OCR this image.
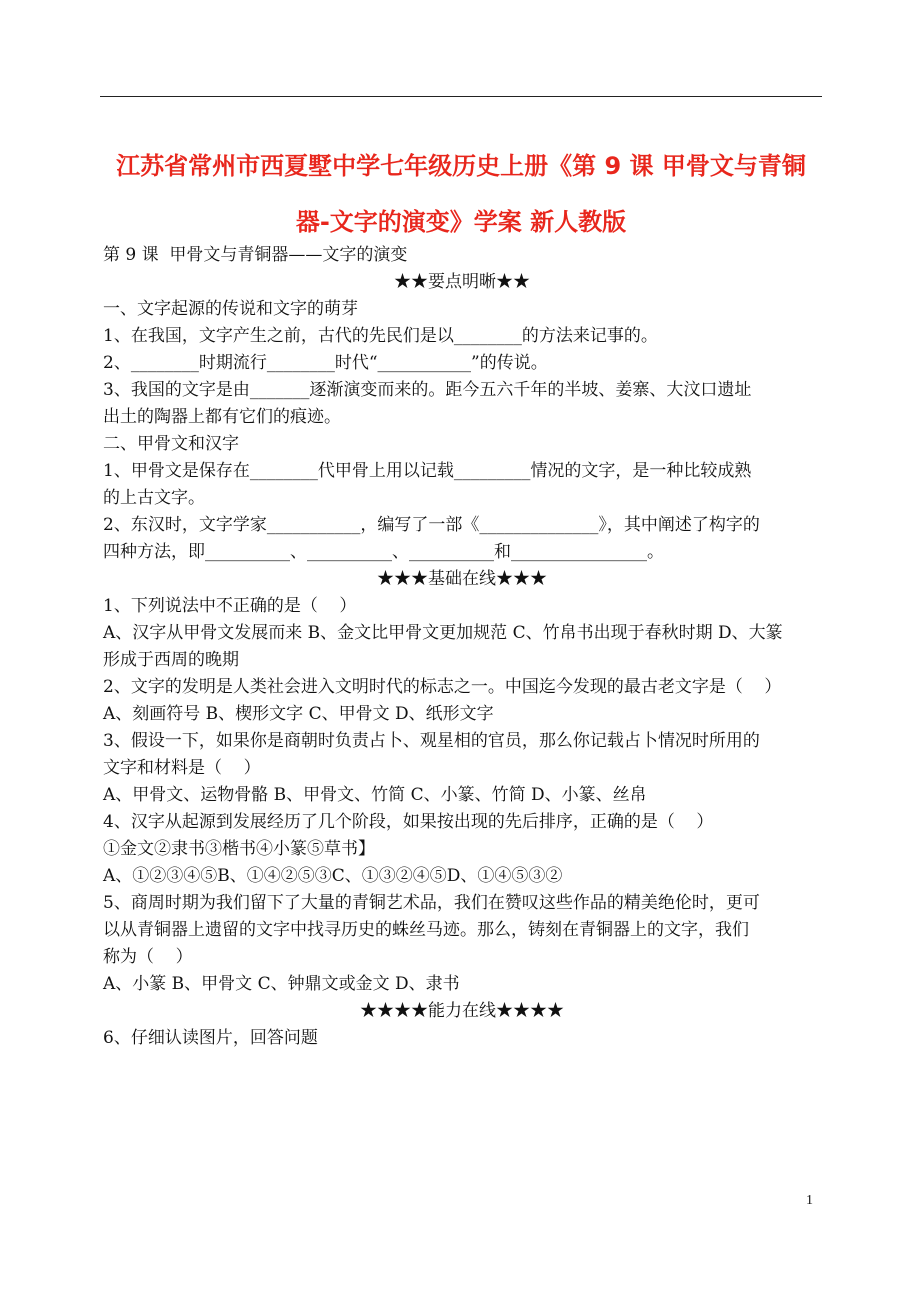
江苏省常州市西夏墅中学七年级历史上册《第 9 课 甲骨文与青铜
器-文字的演变》学案 新人教版
第 9 课  甲骨文与青铜器——文字的演变
★★要点明晰★★
一、文字起源的传说和文字的萌芽
1、在我国，文字产生之前，古代的先民们是以________的方法来记事的。
2、________时期流行________时代“___________”的传说。
3、我国的文字是由_______逐渐演变而来的。距今五六千年的半坡、姜寨、大汶口遗址
出土的陶器上都有它们的痕迹。
二、甲骨文和汉字
1、甲骨文是保存在________代甲骨上用以记载_________情况的文字，是一种比较成熟
的上古文字。
2、东汉时，文字学家___________，编写了一部《______________》，其中阐述了构字的
四种方法，即__________、__________、__________和________________。
★★★基础在线★★★
1、下列说法中不正确的是（    ）
A、汉字从甲骨文发展而来 B、金文比甲骨文更加规范 C、竹帛书出现于春秋时期 D、大篆
形成于西周的晚期
2、文字的发明是人类社会进入文明时代的标志之一。中国迄今发现的最古老文字是（    ）
A、刻画符号 B、楔形文字 C、甲骨文 D、纸形文字
3、假设一下，如果你是商朝时负责占卜、观星相的官员，那么你记载占卜情况时所用的
文字和材料是（    ）
A、甲骨文、运物骨骼 B、甲骨文、竹简 C、小篆、竹简 D、小篆、丝帛
4、汉字从起源到发展经历了几个阶段，如果按出现的先后排序，正确的是（    ）
①金文②隶书③楷书④小篆⑤草书】
A、①②③④⑤B、①④②⑤③C、①③②④⑤D、①④⑤③②
5、商周时期为我们留下了大量的青铜艺术品，我们在赞叹这些作品的精美绝伦时，更可
以从青铜器上遗留的文字中找寻历史的蛛丝马迹。那么，铸刻在青铜器上的文字，我们
称为（    ）
A、小篆 B、甲骨文 C、钟鼎文或金文 D、隶书
★★★★能力在线★★★★
6、仔细认读图片，回答问题
1
